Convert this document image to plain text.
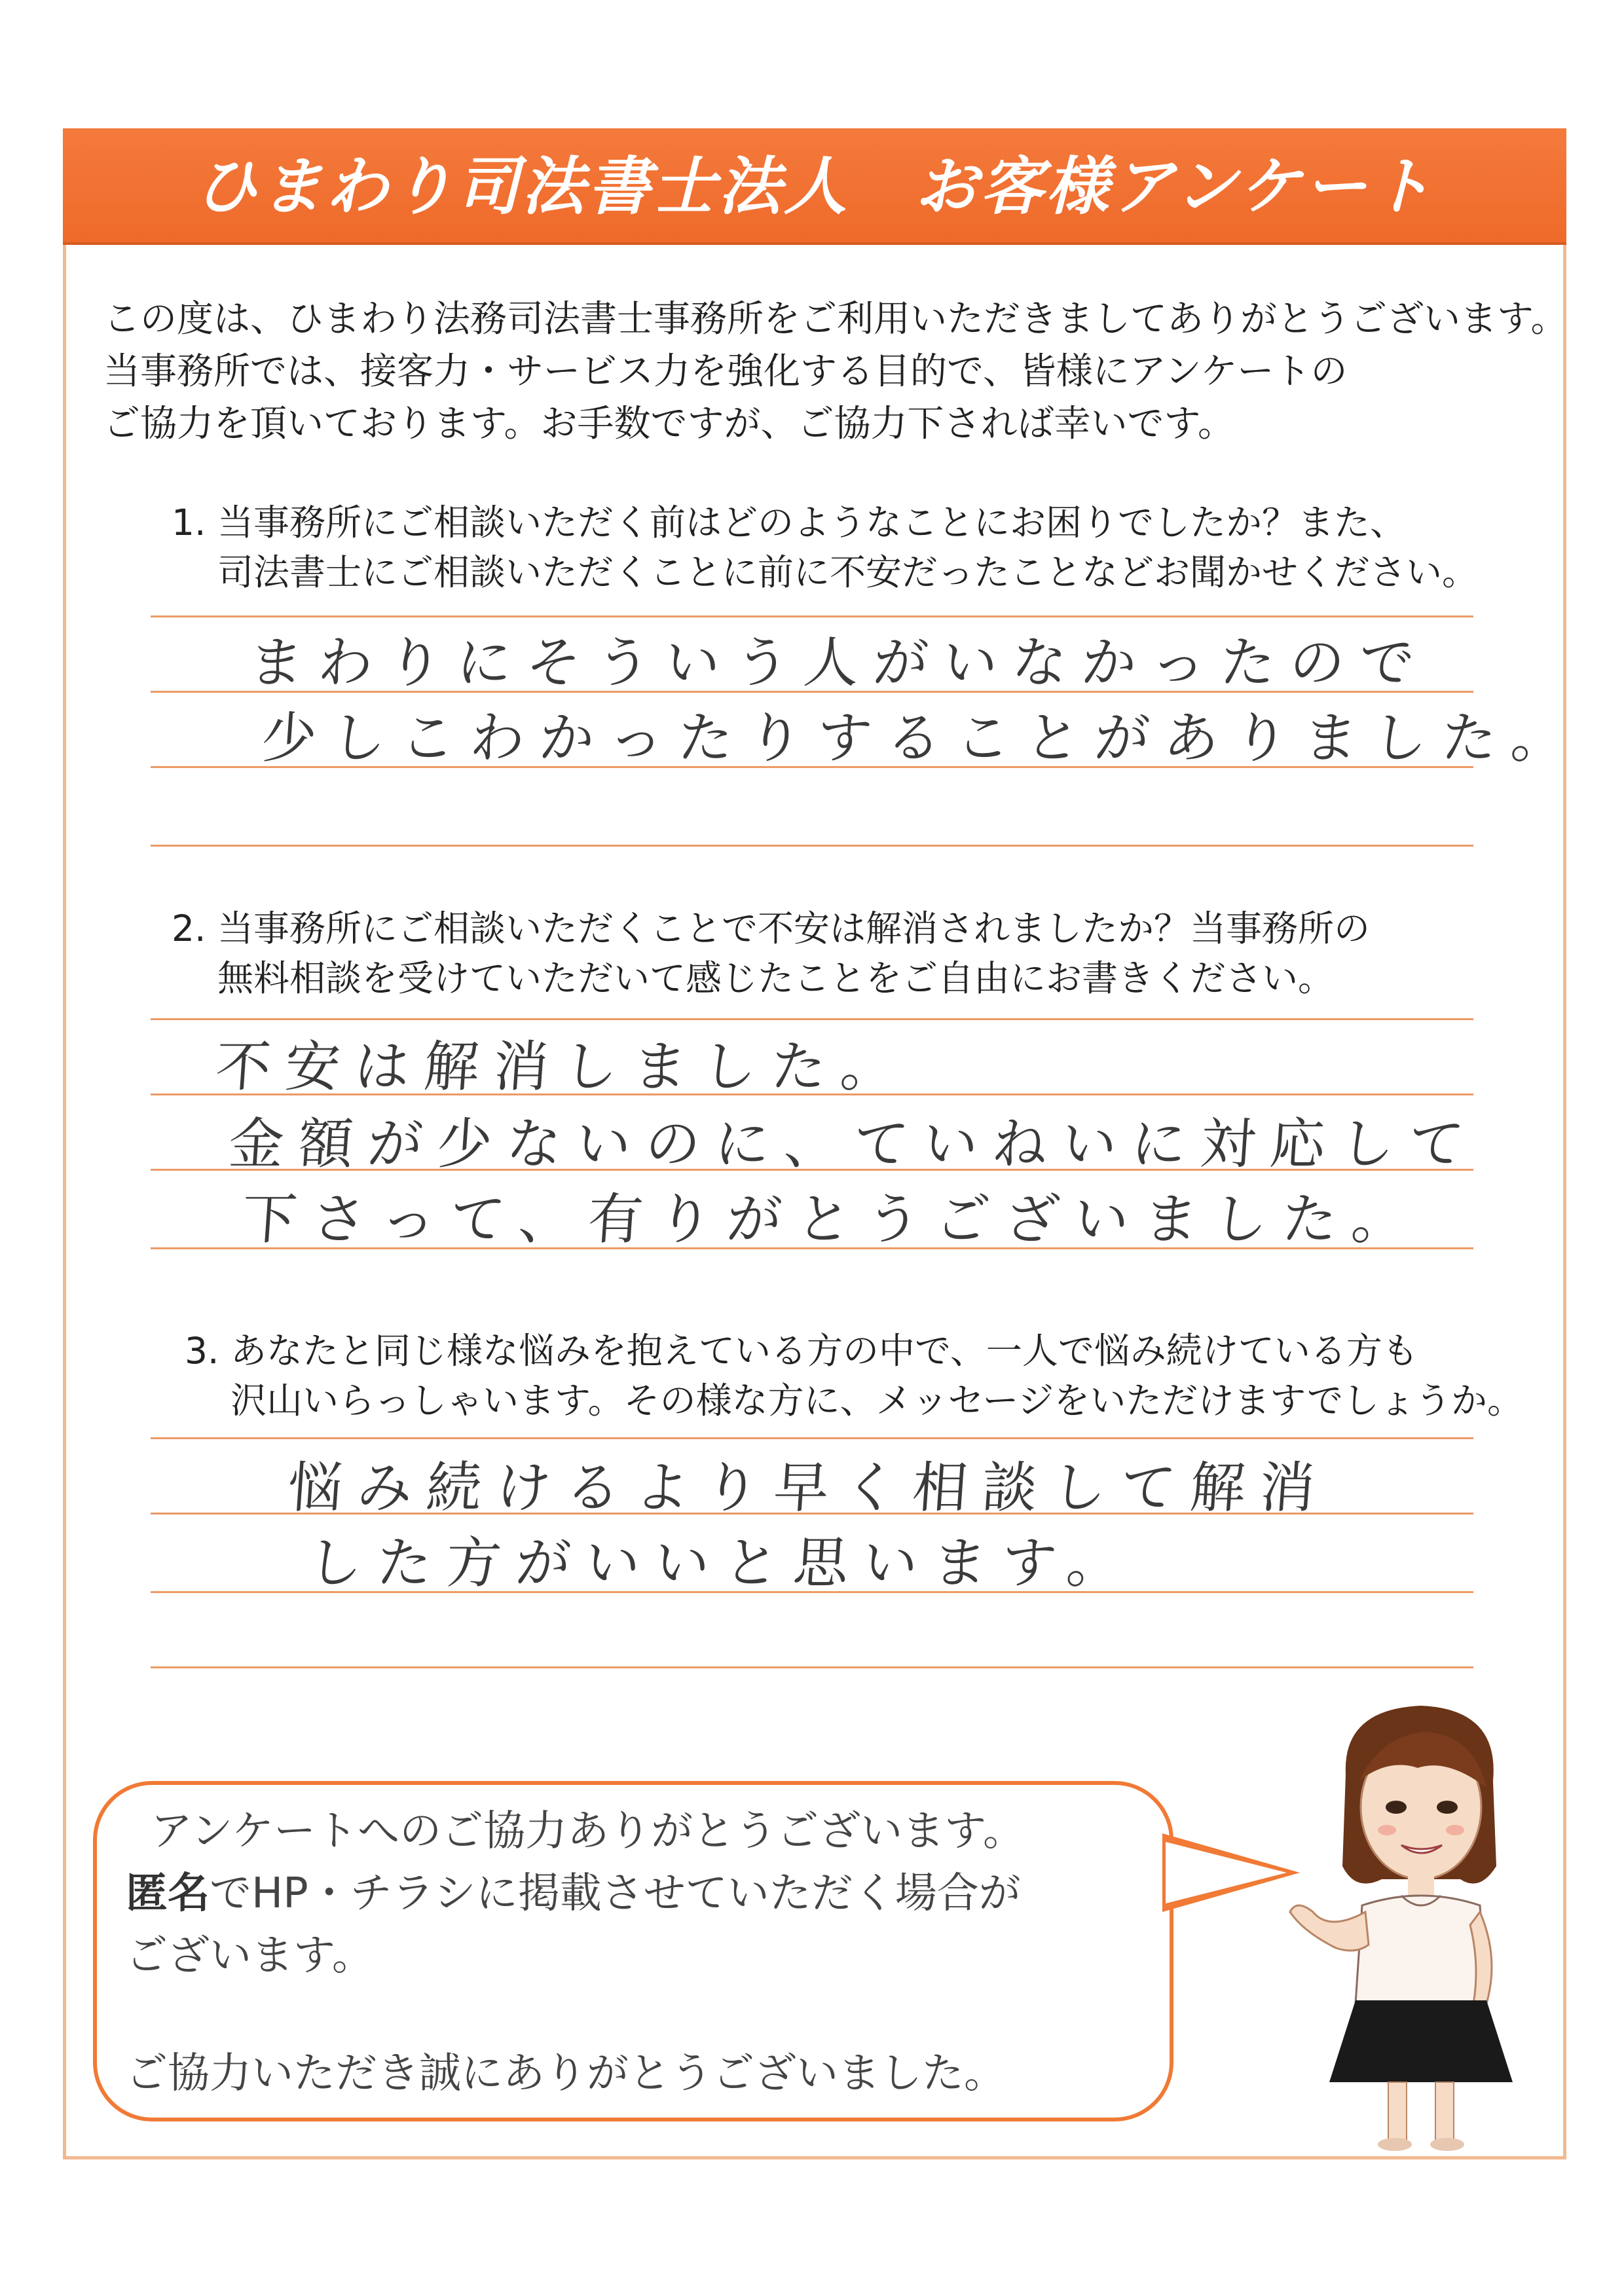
ひまわり司法書士法人　お客様アンケート
この度は、ひまわり法務司法書士事務所をご利用いただきましてありがとうございます。
当事務所では、接客力・サービス力を強化する目的で、皆様にアンケートの
ご協力を頂いております。お手数ですが、ご協力下されば幸いです。
1. 当事務所にご相談いただく前はどのようなことにお困りでしたか？また、
司法書士にご相談いただくことに前に不安だったことなどお聞かせください。
まわりにそういう人がいなかったので
少しこわかったりすることがありました。
2. 当事務所にご相談いただくことで不安は解消されましたか？当事務所の
無料相談を受けていただいて感じたことをご自由にお書きください。
不安は解消しました。
金額が少ないのに、ていねいに対応して
下さって、有りがとうございました。
3. あなたと同じ様な悩みを抱えている方の中で、一人で悩み続けている方も
沢山いらっしゃいます。その様な方に、メッセージをいただけますでしょうか。
悩み続けるより早く相談して解消
した方がいいと思います。
アンケートへのご協力ありがとうございます。
匿名でHP・チラシに掲載させていただく場合が
ございます。
ご協力いただき誠にありがとうございました。
